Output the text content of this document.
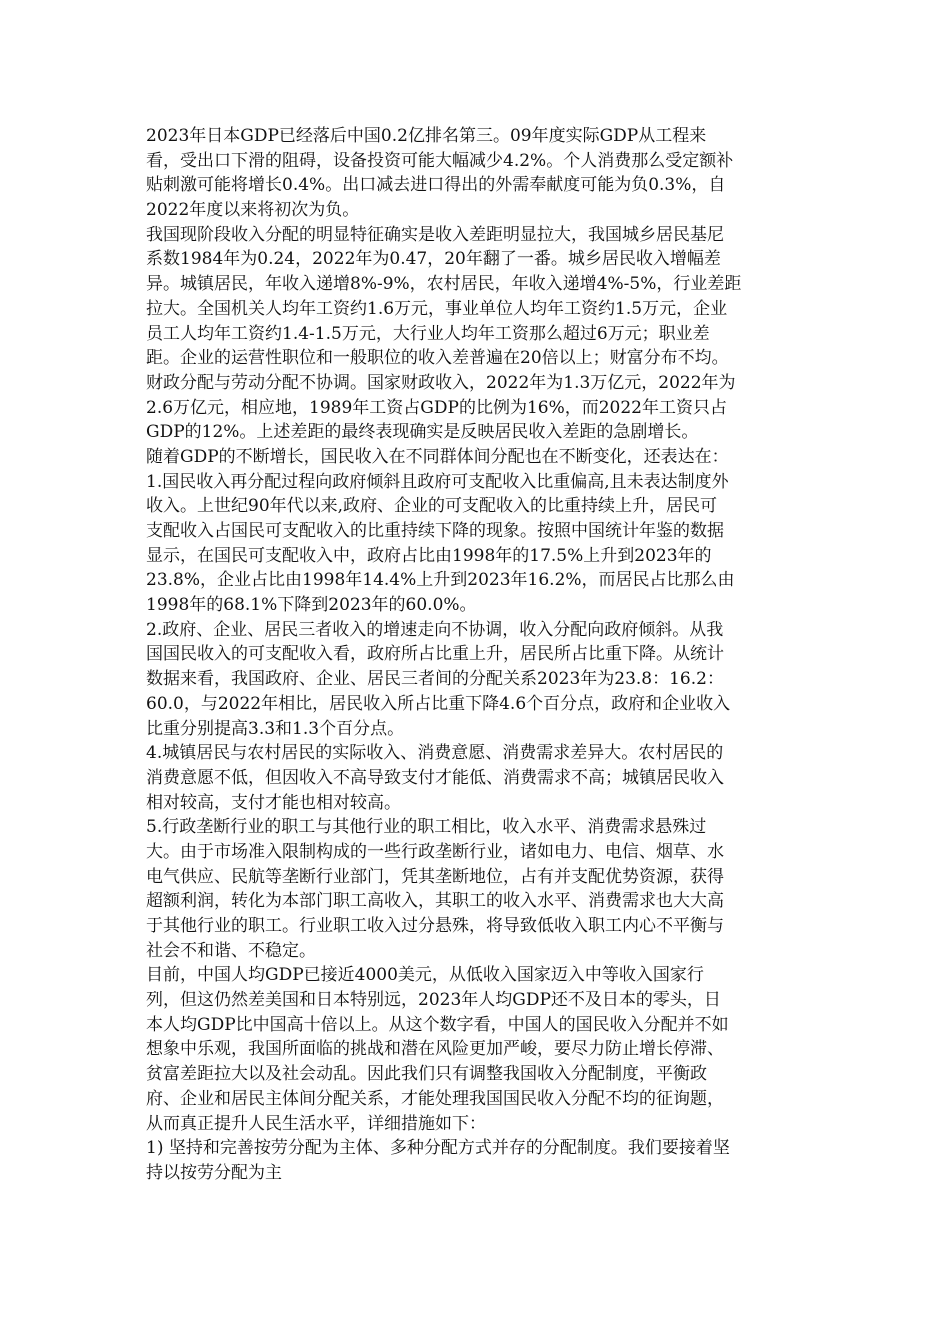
2023年日本GDP已经落后中国0.2亿排名第三。09年度实际GDP从工程来
看，受出口下滑的阻碍，设备投资可能大幅减少4.2%。个人消费那么受定额补
贴刺激可能将增长0.4%。出口减去进口得出的外需奉献度可能为负0.3%，自
2022年度以来将初次为负。
我国现阶段收入分配的明显特征确实是收入差距明显拉大，我国城乡居民基尼
系数1984年为0.24，2022年为0.47，20年翻了一番。城乡居民收入增幅差
异。城镇居民，年收入递增8%-9%，农村居民，年收入递增4%-5%，行业差距
拉大。全国机关人均年工资约1.6万元，事业单位人均年工资约1.5万元，企业
员工人均年工资约1.4-1.5万元，大行业人均年工资那么超过6万元；职业差
距。企业的运营性职位和一般职位的收入差普遍在20倍以上；财富分布不均。
财政分配与劳动分配不协调。国家财政收入，2022年为1.3万亿元，2022年为
2.6万亿元，相应地，1989年工资占GDP的比例为16%，而2022年工资只占
GDP的12%。上述差距的最终表现确实是反映居民收入差距的急剧增长。
随着GDP的不断增长，国民收入在不同群体间分配也在不断变化，还表达在：
1.国民收入再分配过程向政府倾斜且政府可支配收入比重偏高,且未表达制度外
收入。上世纪90年代以来,政府、企业的可支配收入的比重持续上升，居民可
支配收入占国民可支配收入的比重持续下降的现象。按照中国统计年鉴的数据
显示，在国民可支配收入中，政府占比由1998年的17.5%上升到2023年的
23.8%，企业占比由1998年14.4%上升到2023年16.2%，而居民占比那么由
1998年的68.1%下降到2023年的60.0%。
2.政府、企业、居民三者收入的增速走向不协调，收入分配向政府倾斜。从我
国国民收入的可支配收入看，政府所占比重上升，居民所占比重下降。从统计
数据来看，我国政府、企业、居民三者间的分配关系2023年为23.8：16.2：
60.0，与2022年相比，居民收入所占比重下降4.6个百分点，政府和企业收入
比重分别提高3.3和1.3个百分点。
4.城镇居民与农村居民的实际收入、消费意愿、消费需求差异大。农村居民的
消费意愿不低，但因收入不高导致支付才能低、消费需求不高；城镇居民收入
相对较高，支付才能也相对较高。
5.行政垄断行业的职工与其他行业的职工相比，收入水平、消费需求悬殊过
大。由于市场准入限制构成的一些行政垄断行业，诸如电力、电信、烟草、水
电气供应、民航等垄断行业部门，凭其垄断地位，占有并支配优势资源，获得
超额利润，转化为本部门职工高收入，其职工的收入水平、消费需求也大大高
于其他行业的职工。行业职工收入过分悬殊，将导致低收入职工内心不平衡与
社会不和谐、不稳定。
目前，中国人均GDP已接近4000美元，从低收入国家迈入中等收入国家行
列，但这仍然差美国和日本特别远，2023年人均GDP还不及日本的零头，日
本人均GDP比中国高十倍以上。从这个数字看，中国人的国民收入分配并不如
想象中乐观，我国所面临的挑战和潜在风险更加严峻，要尽力防止增长停滞、
贫富差距拉大以及社会动乱。因此我们只有调整我国收入分配制度，平衡政
府、企业和居民主体间分配关系，才能处理我国国民收入分配不均的征询题，
从而真正提升人民生活水平，详细措施如下：
1) 坚持和完善按劳分配为主体、多种分配方式并存的分配制度。我们要接着坚
持以按劳分配为主
